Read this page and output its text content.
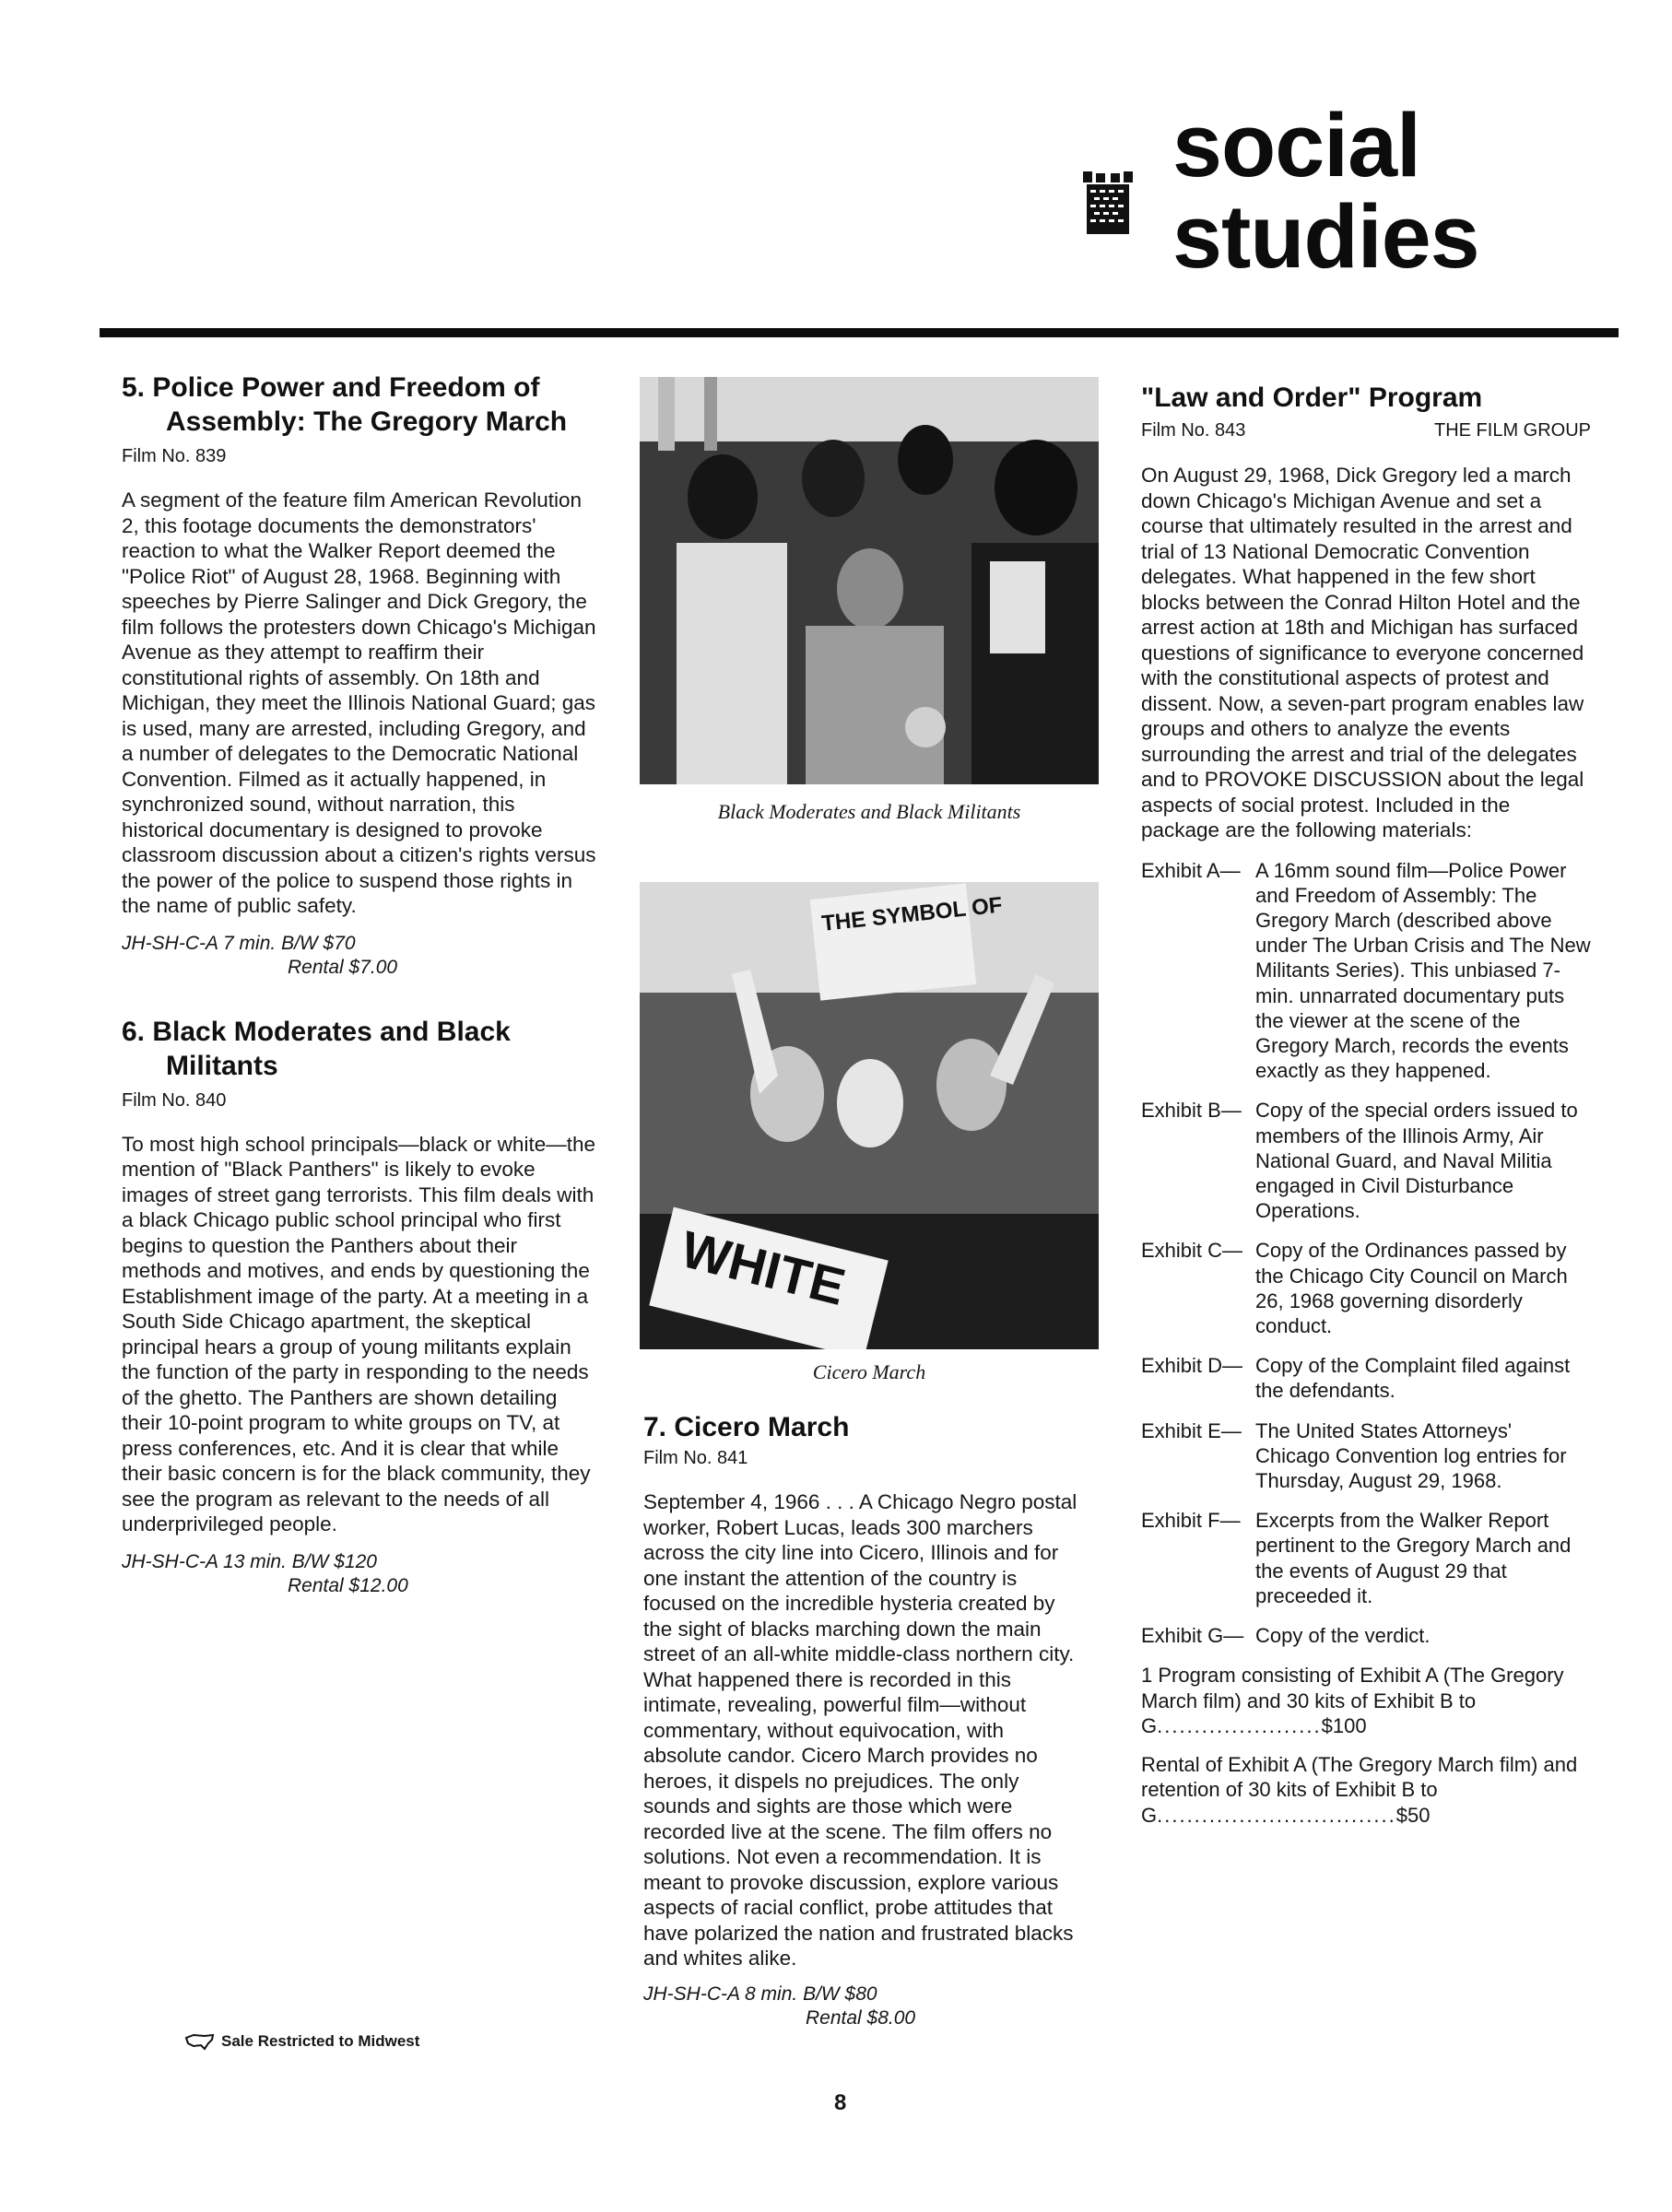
social
studies
5. Police Power and Freedom of Assembly: The Gregory March

Film No. 839

A segment of the feature film American Revolution 2, this footage documents the demonstrators' reaction to what the Walker Report deemed the "Police Riot" of August 28, 1968. Beginning with speeches by Pierre Salinger and Dick Gregory, the film follows the protesters down Chicago's Michigan Avenue as they attempt to reaffirm their constitutional rights of assembly. On 18th and Michigan, they meet the Illinois National Guard; gas is used, many are arrested, including Gregory, and a number of delegates to the Democratic National Convention. Filmed as it actually happened, in synchronized sound, without narration, this historical documentary is designed to provoke classroom discussion about a citizen's rights versus the power of the police to suspend those rights in the name of public safety.

JH-SH-C-A 7 min. B/W $70
Rental $7.00

6. Black Moderates and Black Militants

Film No. 840

To most high school principals—black or white—the mention of "Black Panthers" is likely to evoke images of street gang terrorists. This film deals with a black Chicago public school principal who first begins to question the Panthers about their methods and motives, and ends by questioning the Establishment image of the party. At a meeting in a South Side Chicago apartment, the skeptical principal hears a group of young militants explain the function of the party in responding to the needs of the ghetto. The Panthers are shown detailing their 10-point program to white groups on TV, at press conferences, etc. And it is clear that while their basic concern is for the black community, they see the program as relevant to the needs of all underprivileged people.

JH-SH-C-A 13 min. B/W $120
Rental $12.00

Sale Restricted to Midwest
Black Moderates and Black Militants
THE SYMBOL OF
WHITE
Cicero March
7. Cicero March

Film No. 841

September 4, 1966 . . . A Chicago Negro postal worker, Robert Lucas, leads 300 marchers across the city line into Cicero, Illinois and for one instant the attention of the country is focused on the incredible hysteria created by the sight of blacks marching down the main street of an all-white middle-class northern city. What happened there is recorded in this intimate, revealing, powerful film—without commentary, without equivocation, with absolute candor. Cicero March provides no heroes, it dispels no prejudices. The only sounds and sights are those which were recorded live at the scene. The film offers no solutions. Not even a recommendation. It is meant to provoke discussion, explore various aspects of racial conflict, probe attitudes that have polarized the nation and frustrated blacks and whites alike.

JH-SH-C-A 8 min. B/W $80
Rental $8.00

"Law and Order" Program
Film No. 843	THE FILM GROUP

On August 29, 1968, Dick Gregory led a march down Chicago's Michigan Avenue and set a course that ultimately resulted in the arrest and trial of 13 National Democratic Convention delegates. What happened in the few short blocks between the Conrad Hilton Hotel and the arrest action at 18th and Michigan has surfaced questions of significance to everyone concerned with the constitutional aspects of protest and dissent. Now, a seven-part program enables law groups and others to analyze the events surrounding the arrest and trial of the delegates and to PROVOKE DISCUSSION about the legal aspects of social protest. Included in the package are the following materials:

Exhibit A— A 16mm sound film—Police Power and Freedom of Assembly: The Gregory March (described above under The Urban Crisis and The New Militants Series). This unbiased 7-min. unnarrated documentary puts the viewer at the scene of the Gregory March, records the events exactly as they happened.
Exhibit B— Copy of the special orders issued to members of the Illinois Army, Air National Guard, and Naval Militia engaged in Civil Disturbance Operations.
Exhibit C— Copy of the Ordinances passed by the Chicago City Council on March 26, 1968 governing disorderly conduct.
Exhibit D— Copy of the Complaint filed against the defendants.
Exhibit E— The United States Attorneys' Chicago Convention log entries for Thursday, August 29, 1968.
Exhibit F— Excerpts from the Walker Report pertinent to the Gregory March and the events of August 29 that preceeded it.
Exhibit G— Copy of the verdict.

1 Program consisting of Exhibit A (The Gregory March film) and 30 kits of Exhibit B to G......................$100

Rental of Exhibit A (The Gregory March film) and retention of 30 kits of Exhibit B to G................................$50

8
